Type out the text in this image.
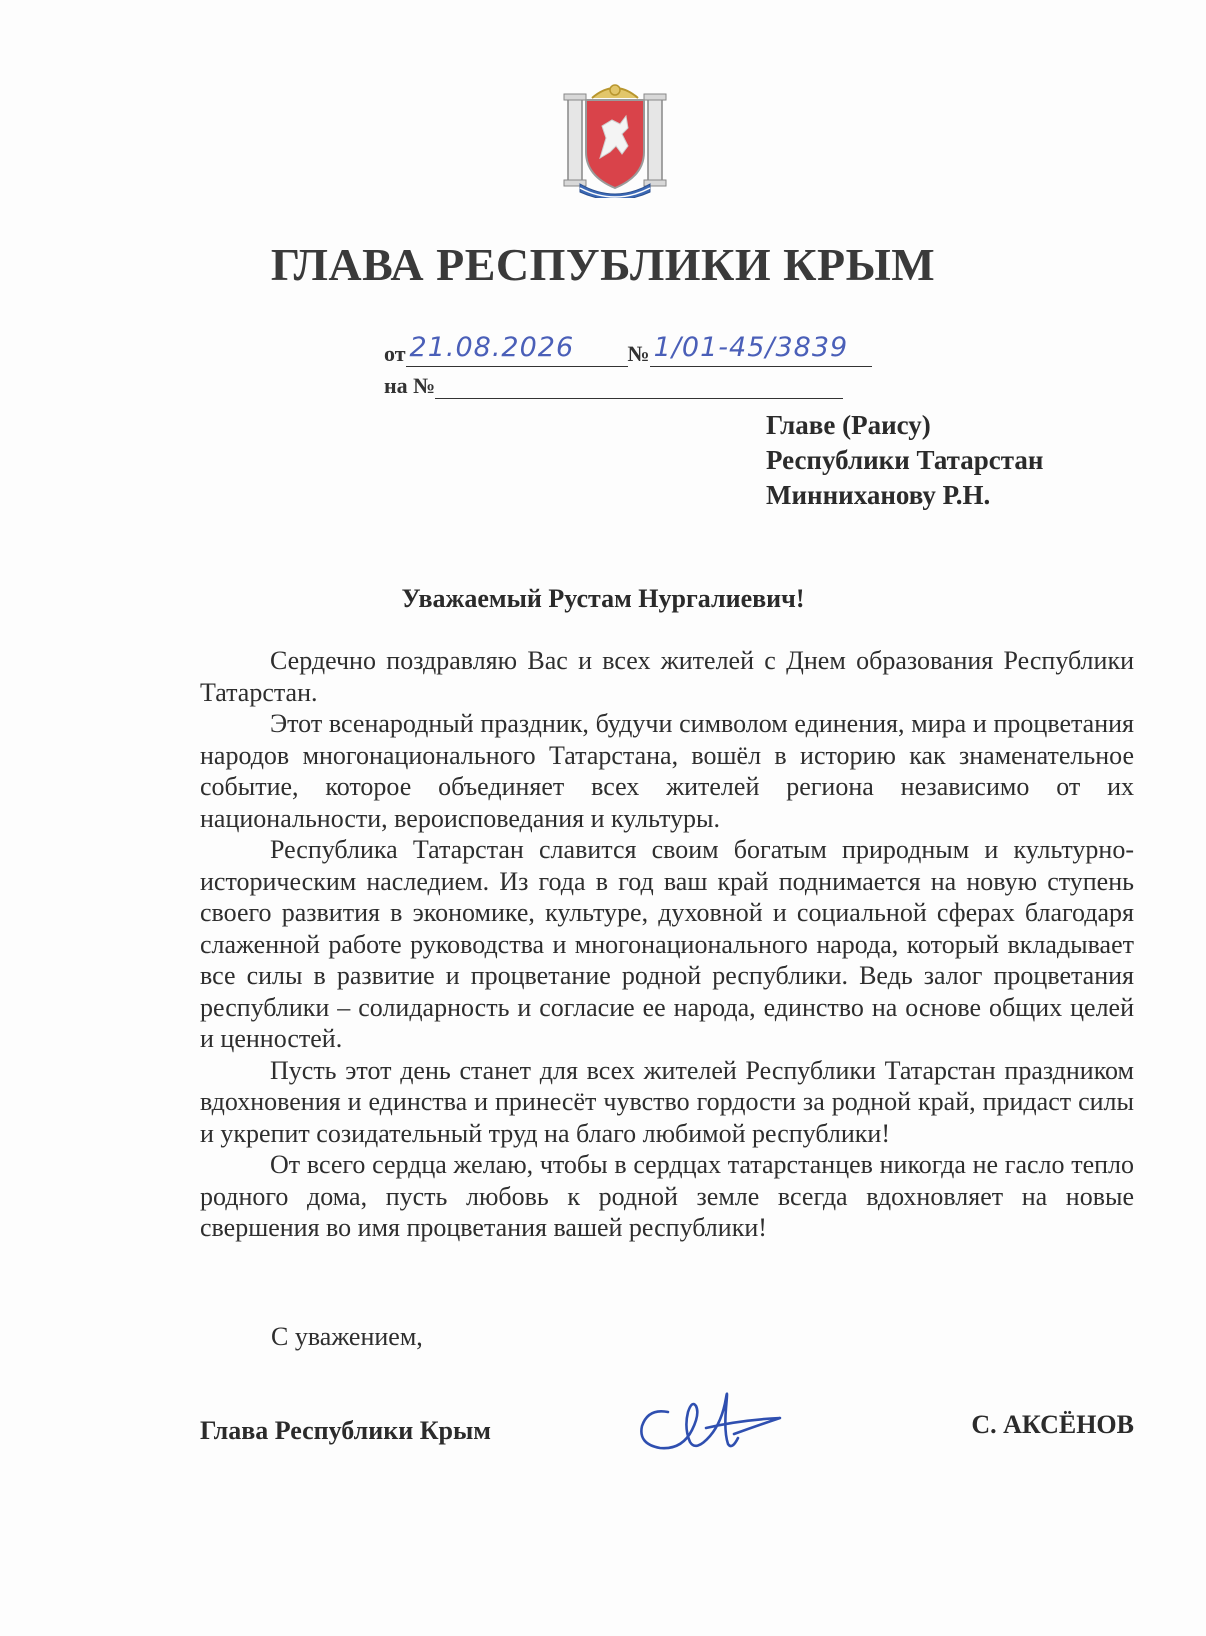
ГЛАВА РЕСПУБЛИКИ КРЫМ
от 21.08.2026 № 1/01-45/3839
на №
Главе (Раису)
Республики Татарстан
Минниханову Р.Н.
Уважаемый Рустам Нургалиевич!

Сердечно поздравляю Вас и всех жителей с Днем образования Республики Татарстан.

Этот всенародный праздник, будучи символом единения, мира и процветания народов многонационального Татарстана, вошёл в историю как знаменательное событие, которое объединяет всех жителей региона независимо от их национальности, вероисповедания и культуры.

Республика Татарстан славится своим богатым природным и культурно-историческим наследием. Из года в год ваш край поднимается на новую ступень своего развития в экономике, культуре, духовной и социальной сферах благодаря слаженной работе руководства и многонационального народа, который вкладывает все силы в развитие и процветание родной республики. Ведь залог процветания республики – солидарность и согласие ее народа, единство на основе общих целей и ценностей.

Пусть этот день станет для всех жителей Республики Татарстан праздником вдохновения и единства и принесёт чувство гордости за родной край, придаст силы и укрепит созидательный труд на благо любимой республики!

От всего сердца желаю, чтобы в сердцах татарстанцев никогда не гасло тепло родного дома, пусть любовь к родной земле всегда вдохновляет на новые свершения во имя процветания вашей республики!

С уважением,
Глава Республики Крым	С. АКСЁНОВ
